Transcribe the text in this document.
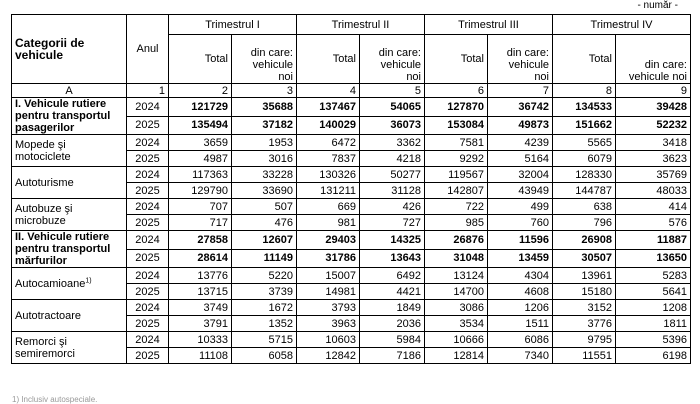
- număr -
Categorii de vehicule	Anul	Trimestrul I		Trimestrul II		Trimestrul III		Trimestrul IV	
		Total	din care: vehicule noi	Total	din care: vehicule noi	Total	din care: vehicule noi	Total	din care: vehicule noi
A	1	2	3	4	5	6	7	8	9
I. Vehicule rutiere pentru transportul pasagerilor	2024	121729	35688	137467	54065	127870	36742	134533	39428
	2025	135494	37182	140029	36073	153084	49873	151662	52232
Mopede şi motociclete	2024	3659	1953	6472	3362	7581	4239	5565	3418
	2025	4987	3016	7837	4218	9292	5164	6079	3623
Autoturisme	2024	117363	33228	130326	50277	119567	32004	128330	35769
	2025	129790	33690	131211	31128	142807	43949	144787	48033
Autobuze şi microbuze	2024	707	507	669	426	722	499	638	414
	2025	717	476	981	727	985	760	796	576
II. Vehicule rutiere pentru transportul mărfurilor	2024	27858	12607	29403	14325	26876	11596	26908	11887
	2025	28614	11149	31786	13643	31048	13459	30507	13650
Autocamioane$^{1)}$	2024	13776	5220	15007	6492	13124	4304	13961	5283
	2025	13715	3739	14981	4421	14700	4608	15180	5641
Autotractoare	2024	3749	1672	3793	1849	3086	1206	3152	1208
	2025	3791	1352	3963	2036	3534	1511	3776	1811
Remorci şi semiremorci	2024	10333	5715	10603	5984	10666	6086	9795	5396
	2025	11108	6058	12842	7186	12814	7340	11551	6198
1) Inclusiv autospeciale.
